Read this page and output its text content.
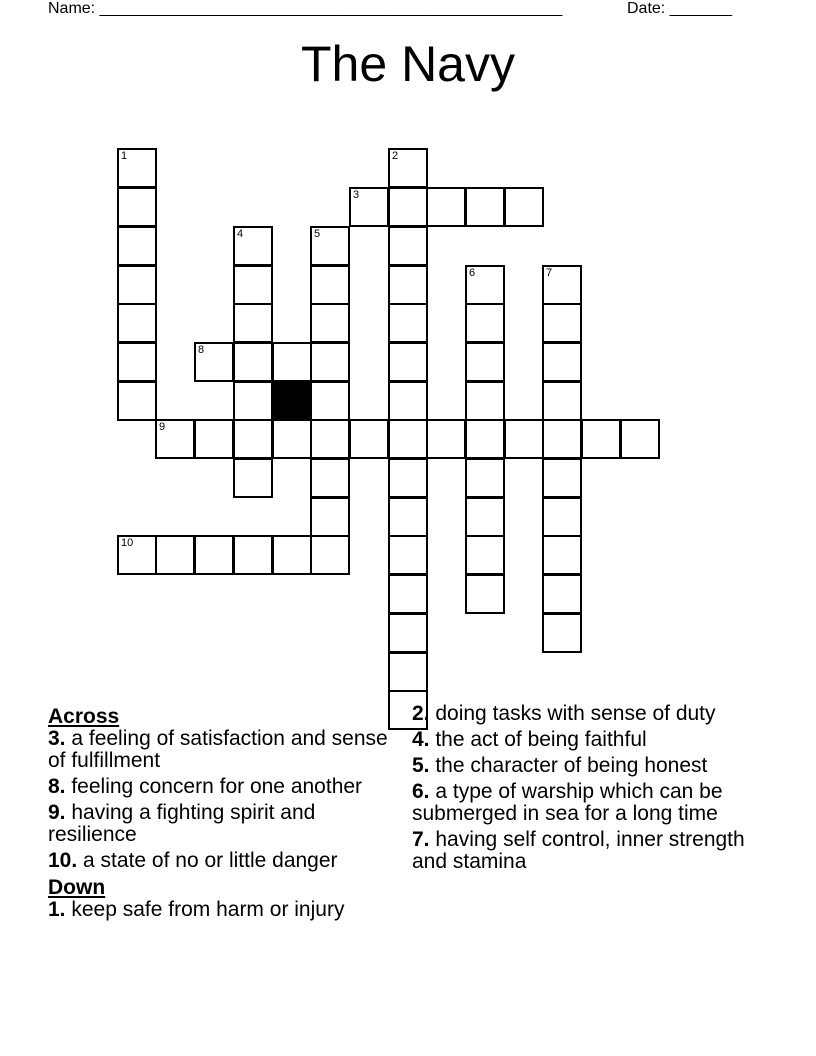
Name: ____________________________________________________	Date: _______
The Navy
1
9
10
4
8
5
2
3
6	7
Across
3. a feeling of satisfaction and sense of fulfillment
8. feeling concern for one another
9. having a fighting spirit and resilience
10. a state of no or little danger
Down
1. keep safe from harm or injury
2. doing tasks with sense of duty
4. the act of being faithful
5. the character of being honest
6. a type of warship which can be submerged in sea for a long time
7. having self control, inner strength and stamina
